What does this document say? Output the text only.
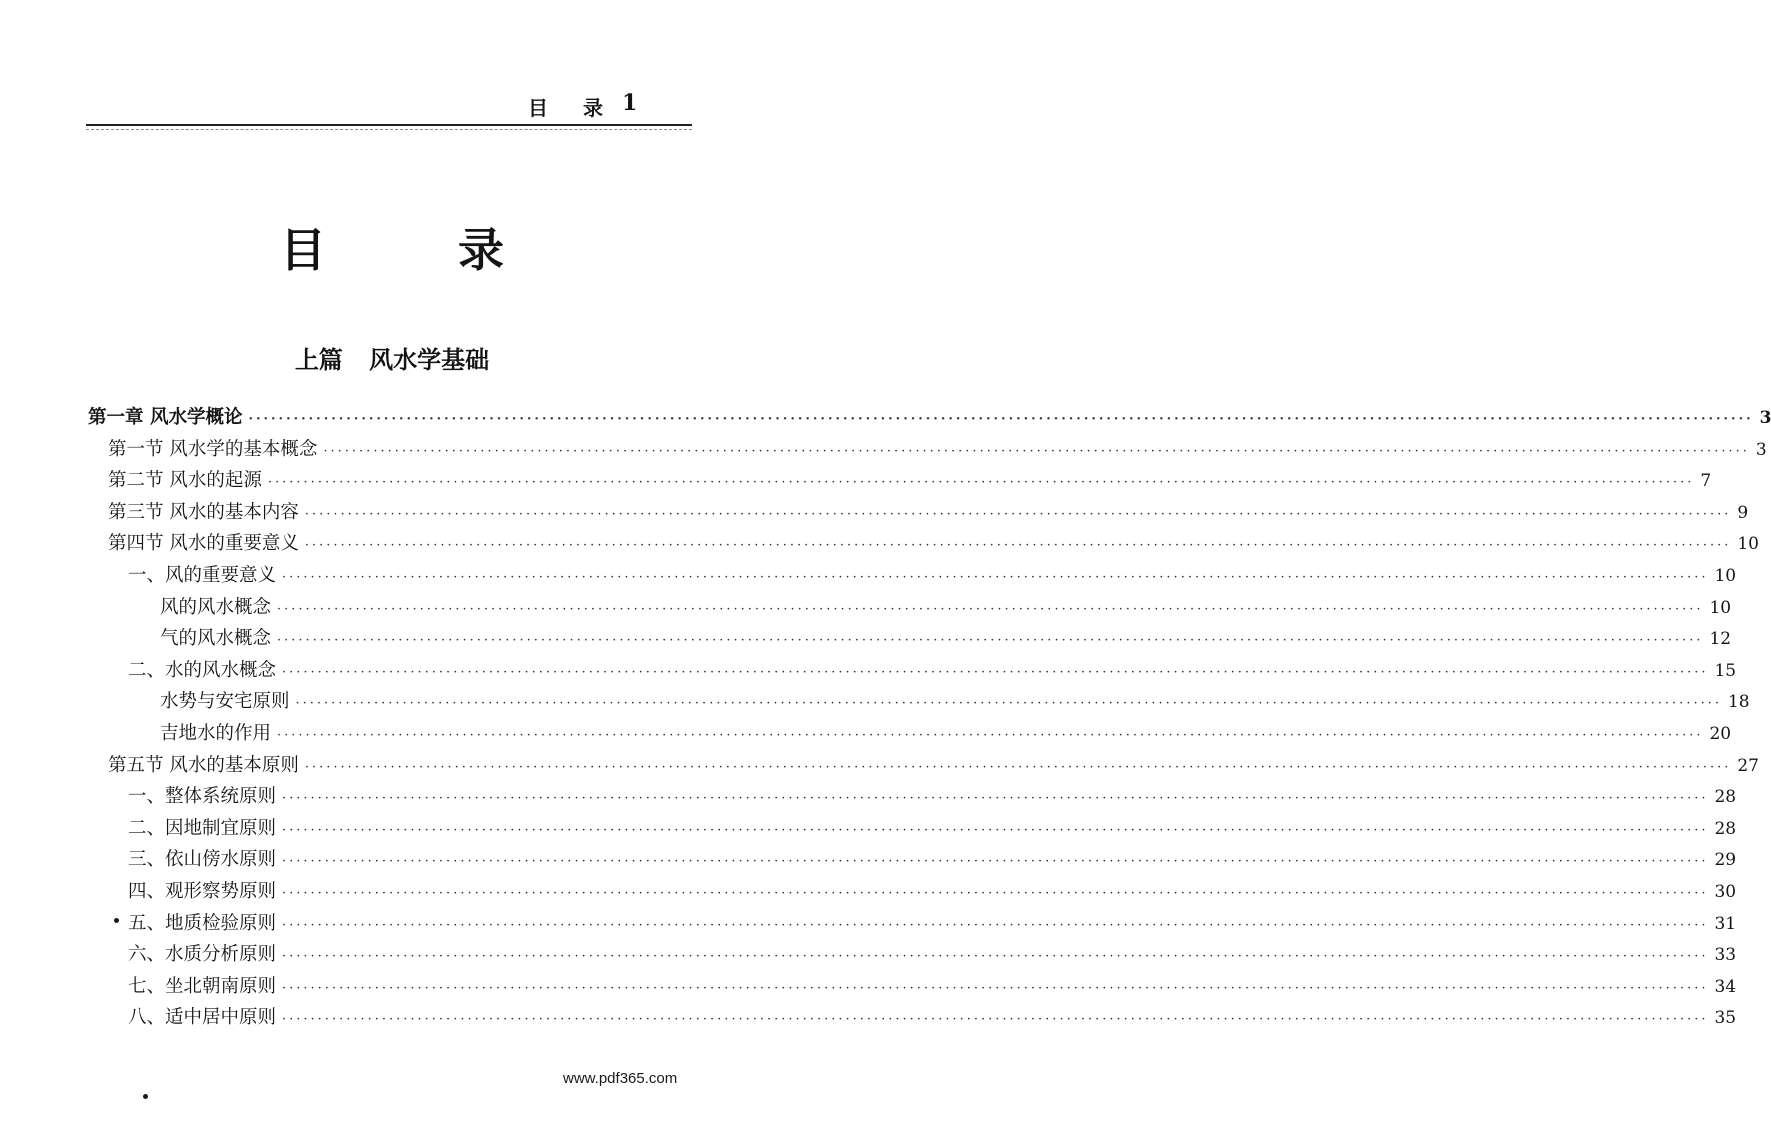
目 录 1
目 录
上篇 风水学基础
第一章 风水学概论 ········································································································································································································ 3
第一节 风水学的基本概念 ········································································································································································································ 3
第二节 风水的起源 ········································································································································································································ 7
第三节 风水的基本内容 ········································································································································································································ 9
第四节 风水的重要意义 ········································································································································································································ 10
一、风的重要意义 ········································································································································································································ 10
风的风水概念 ········································································································································································································ 10
气的风水概念 ········································································································································································································ 12
二、水的风水概念 ········································································································································································································ 15
水势与安宅原则 ········································································································································································································ 18
吉地水的作用 ········································································································································································································ 20
第五节 风水的基本原则 ········································································································································································································ 27
一、整体系统原则 ········································································································································································································ 28
二、因地制宜原则 ········································································································································································································ 28
三、依山傍水原则 ········································································································································································································ 29
四、观形察势原则 ········································································································································································································ 30
五、地质检验原则 ········································································································································································································ 31
六、水质分析原则 ········································································································································································································ 33
七、坐北朝南原则 ········································································································································································································ 34
八、适中居中原则 ········································································································································································································ 35
www.pdf365.com
